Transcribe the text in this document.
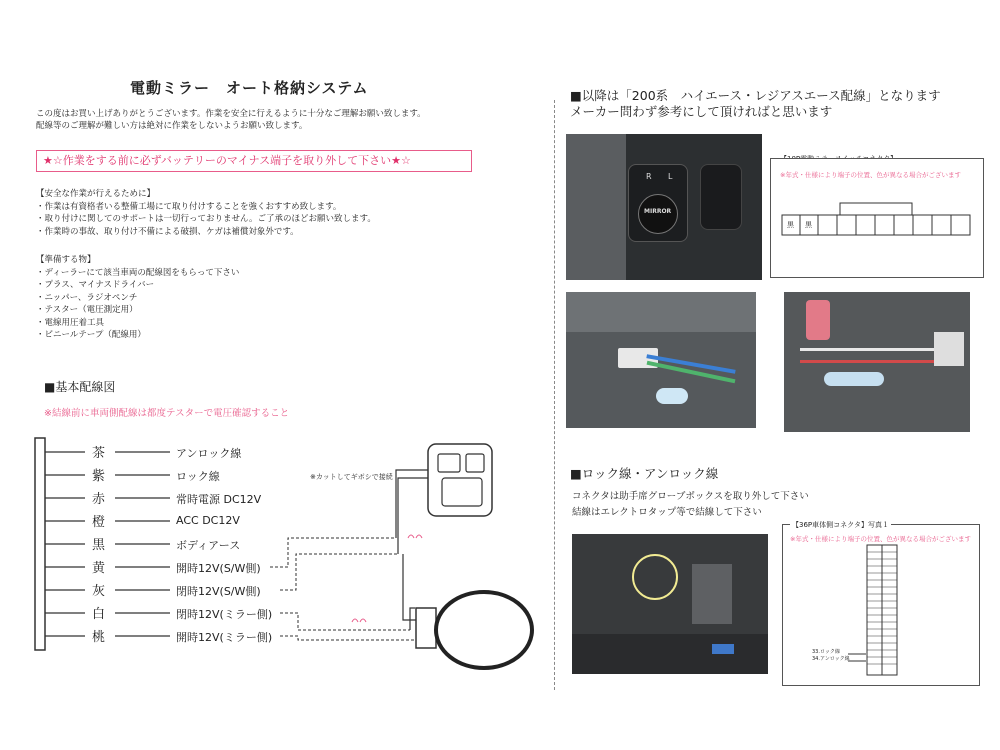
電動ミラー　オート格納システム
この度はお買い上げありがとうございます。作業を安全に行えるように十分なご理解お願い致します。
配線等のご理解が難しい方は絶対に作業をしないようお願い致します。
★☆作業をする前に必ずバッテリーのマイナス端子を取り外して下さい★☆
【安全な作業が行えるために】
・作業は有資格者いる整備工場にて取り付けすることを強くおすすめ致します。
・取り付けに関してのサポートは一切行っておりません。ご了承のほどお願い致します。
・作業時の事故、取り付け不備による破損、ケガは補償対象外です。
【準備する物】
・ディーラーにて該当車両の配線図をもらって下さい
・プラス、マイナスドライバー
・ニッパー、ラジオペンチ
・テスター（電圧測定用）
・電線用圧着工具
・ビニールテープ（配線用）
■基本配線図
※結線前に車両側配線は都度テスターで電圧確認すること
※カットしてギボシで接続
茶	アンロック線
紫	ロック線
赤	常時電源 DC12V
橙	ACC DC12V
黒	ボディアース
黄	開時12V(S/W側)
灰	閉時12V(S/W側)
白	閉時12V(ミラー側)
桃	開時12V(ミラー側)
■以降は「200系　ハイエース・レジアスエース配線」となります
メーカー問わず参考にして頂ければと思います
R L
MIRROR
※年式・仕様により端子の位置、色が異なる場合がございます
黒 黒
■ロック線・アンロック線
コネクタは助手席グローブボックスを取り外して下さい
結線はエレクトロタップ等で結線して下さい
【36P車体側コネクタ】写真１
※年式・仕様により端子の位置、色が異なる場合がございます
33.ロック線
34.アンロック線
